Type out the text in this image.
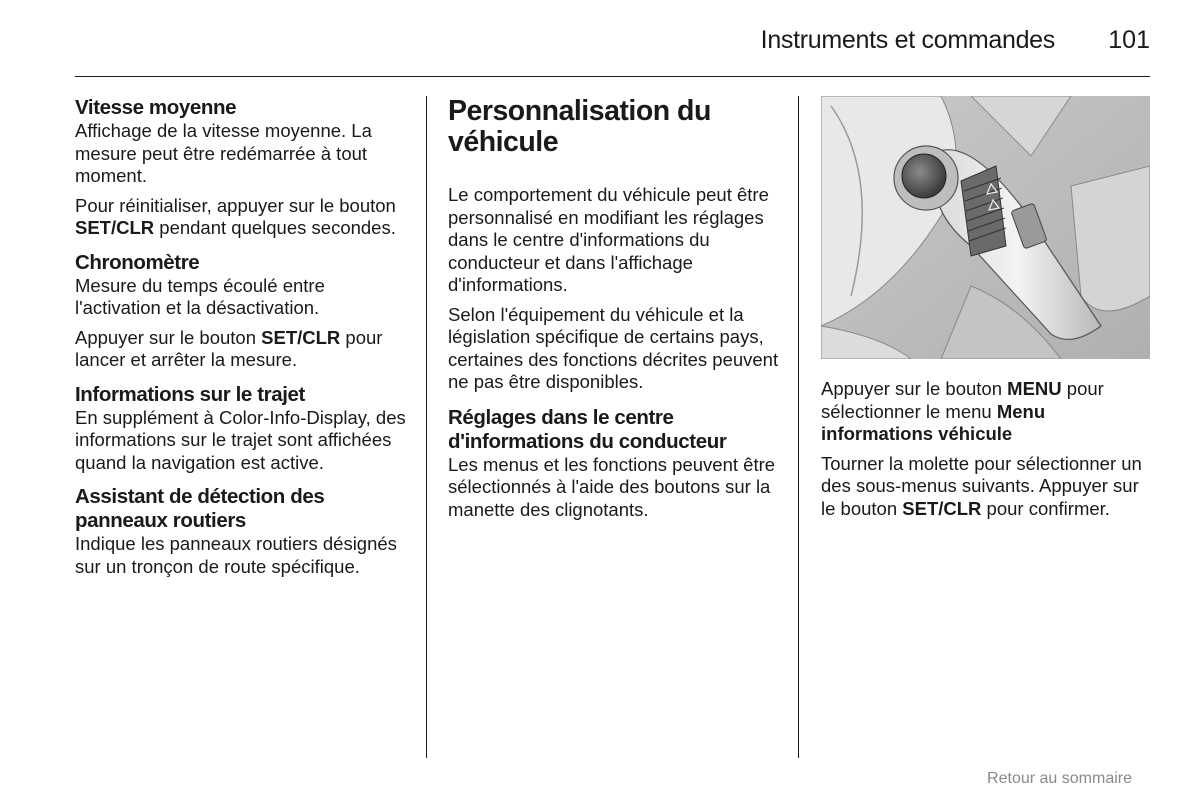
Instruments et commandes 101
Vitesse moyenne

Affichage de la vitesse moyenne. La mesure peut être redémarrée à tout moment.

Pour réinitialiser, appuyer sur le bouton SET/CLR pendant quelques secondes.

Chronomètre

Mesure du temps écoulé entre l'activation et la désactivation.

Appuyer sur le bouton SET/CLR pour lancer et arrêter la mesure.

Informations sur le trajet

En supplément à Color-Info-Display, des informations sur le trajet sont affichées quand la navigation est active.

Assistant de détection des panneaux routiers

Indique les panneaux routiers désignés sur un tronçon de route spécifique.

Personnalisation du véhicule

Le comportement du véhicule peut être personnalisé en modifiant les réglages dans le centre d'informations du conducteur et dans l'affichage d'informations.

Selon l'équipement du véhicule et la législation spécifique de certains pays, certaines des fonctions décrites peuvent ne pas être disponibles.

Réglages dans le centre d'informations du conducteur

Les menus et les fonctions peuvent être sélectionnés à l'aide des boutons sur la manette des clignotants.

Appuyer sur le bouton MENU pour sélectionner le menu Menu informations véhicule

Tourner la molette pour sélectionner un des sous-menus suivants. Appuyer sur le bouton SET/CLR pour confirmer.

Retour au sommaire
